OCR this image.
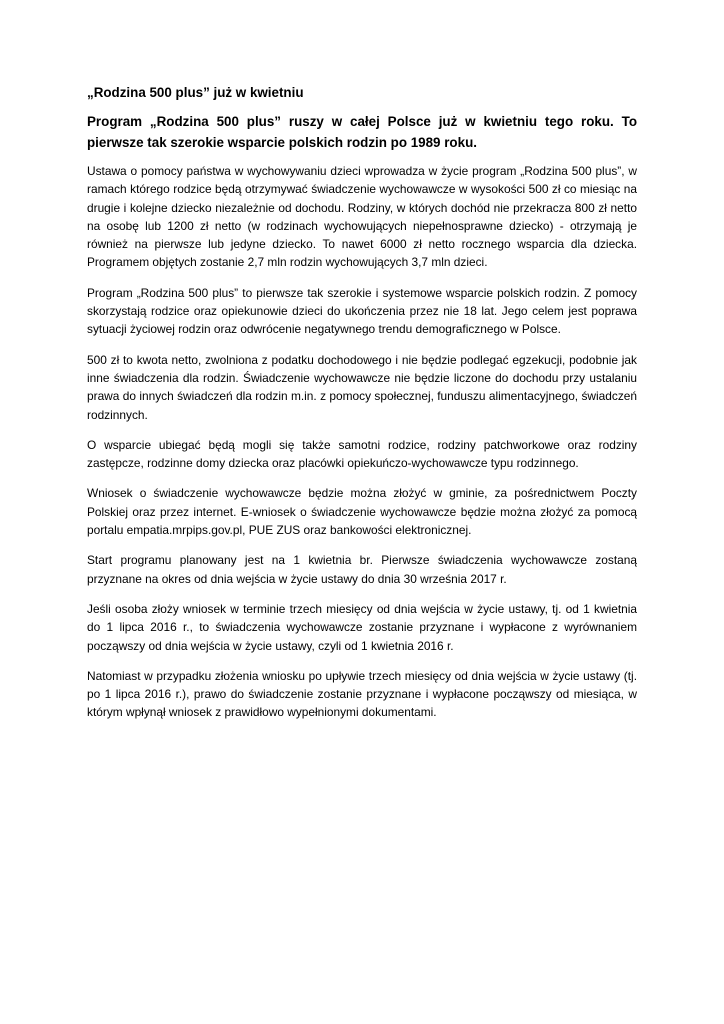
„Rodzina 500 plus” już w kwietniu
Program „Rodzina 500 plus” ruszy w całej Polsce już w kwietniu tego roku. To pierwsze tak szerokie wsparcie polskich rodzin po 1989 roku.

Ustawa o pomocy państwa w wychowywaniu dzieci wprowadza w życie program „Rodzina 500 plus”, w ramach którego rodzice będą otrzymywać świadczenie wychowawcze w wysokości 500 zł co miesiąc na drugie i kolejne dziecko niezależnie od dochodu. Rodziny, w których dochód nie przekracza 800 zł netto na osobę lub 1200 zł netto (w rodzinach wychowujących niepełnosprawne dziecko) - otrzymają je również na pierwsze lub jedyne dziecko. To nawet 6000 zł netto rocznego wsparcia dla dziecka. Programem objętych zostanie 2,7 mln rodzin wychowujących 3,7 mln dzieci.

Program „Rodzina 500 plus” to pierwsze tak szerokie i systemowe wsparcie polskich rodzin. Z pomocy skorzystają rodzice oraz opiekunowie dzieci do ukończenia przez nie 18 lat. Jego celem jest poprawa sytuacji życiowej rodzin oraz odwrócenie negatywnego trendu demograficznego w Polsce.

500 zł to kwota netto, zwolniona z podatku dochodowego i nie będzie podlegać egzekucji, podobnie jak inne świadczenia dla rodzin. Świadczenie wychowawcze nie będzie liczone do dochodu przy ustalaniu prawa do innych świadczeń dla rodzin m.in. z pomocy społecznej, funduszu alimentacyjnego, świadczeń rodzinnych.

O wsparcie ubiegać będą mogli się także samotni rodzice, rodziny patchworkowe oraz rodziny zastępcze, rodzinne domy dziecka oraz placówki opiekuńczo-wychowawcze typu rodzinnego.

Wniosek o świadczenie wychowawcze będzie można złożyć w gminie, za pośrednictwem Poczty Polskiej oraz przez internet. E-wniosek o świadczenie wychowawcze będzie można złożyć za pomocą portalu empatia.mrpips.gov.pl, PUE ZUS oraz bankowości elektronicznej.

Start programu planowany jest na 1 kwietnia br. Pierwsze świadczenia wychowawcze zostaną przyznane na okres od dnia wejścia w życie ustawy do dnia 30 września 2017 r.

Jeśli osoba złoży wniosek w terminie trzech miesięcy od dnia wejścia w życie ustawy, tj. od 1 kwietnia do 1 lipca 2016 r., to świadczenia wychowawcze zostanie przyznane i wypłacone z wyrównaniem począwszy od dnia wejścia w życie ustawy, czyli od 1 kwietnia 2016 r.

Natomiast w przypadku złożenia wniosku po upływie trzech miesięcy od dnia wejścia w życie ustawy (tj. po 1 lipca 2016 r.), prawo do świadczenie zostanie przyznane i wypłacone począwszy od miesiąca, w którym wpłynął wniosek z prawidłowo wypełnionymi dokumentami.
